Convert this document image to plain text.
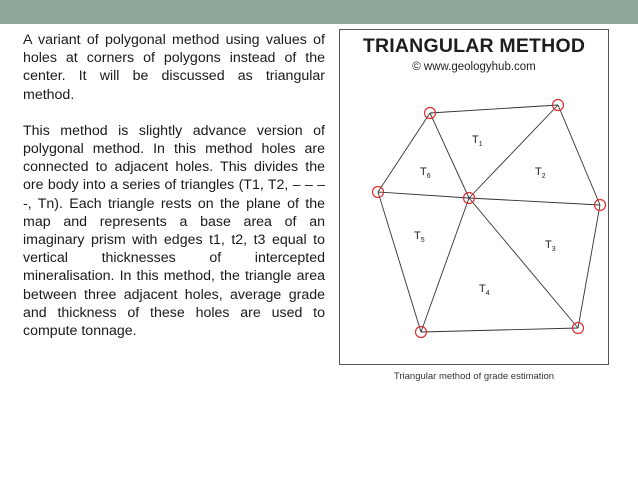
A variant of polygonal method using values of holes at corners of polygons instead of the center. It will be discussed as triangular method.

This method is slightly advance version of polygonal method. In this method holes are connected to adjacent holes. This divides the ore body into a series of triangles (T1, T2, – – – -, Tn). Each triangle rests on the plane of the map and represents a base area of an imaginary prism with edges t1, t2, t3 equal to vertical thicknesses of intercepted mineralisation. In this method, the triangle area between three adjacent holes, average grade and thickness of these holes are used to compute tonnage.

$T_1$
$T_2$
$T_3$
$T_4$
$T_5$
$T_6$
TRIANGULAR METHOD
© www.geologyhub.com
Triangular method of grade estimation
